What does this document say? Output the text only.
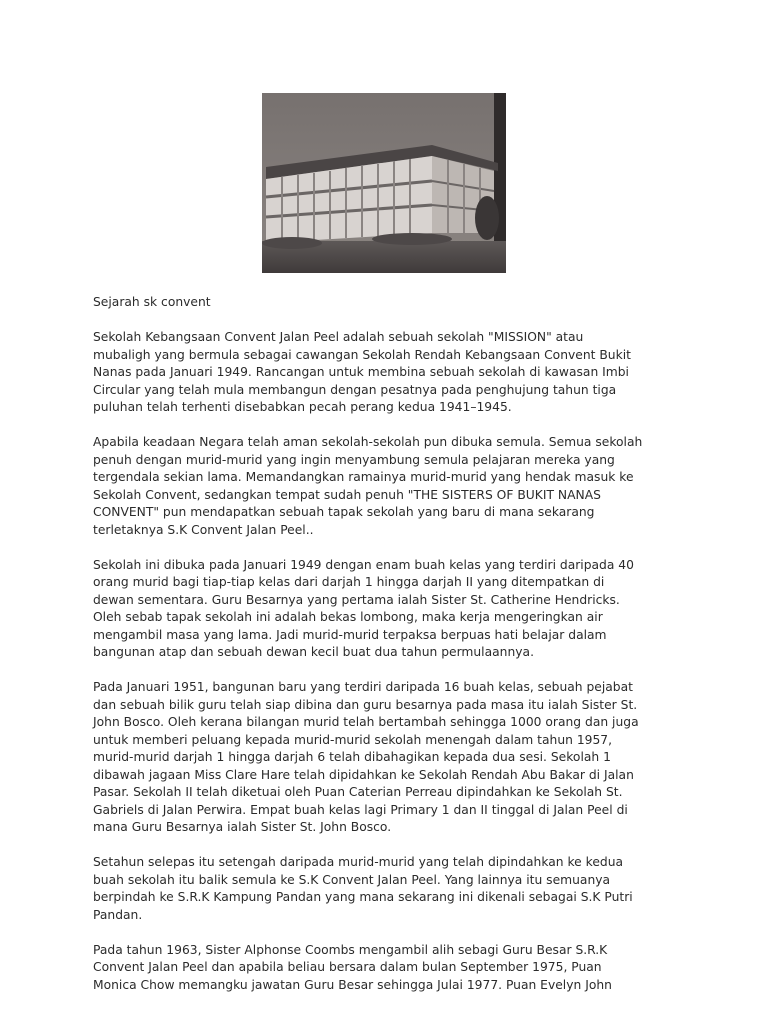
Sejarah sk convent
Sekolah Kebangsaan Convent Jalan Peel adalah sebuah sekolah "MISSION" atau
mubaligh yang bermula sebagai cawangan Sekolah Rendah Kebangsaan Convent Bukit
Nanas pada Januari 1949. Rancangan untuk membina sebuah sekolah di kawasan Imbi
Circular yang telah mula membangun dengan pesatnya pada penghujung tahun tiga
puluhan telah terhenti disebabkan pecah perang kedua 1941–1945.
Apabila keadaan Negara telah aman sekolah-sekolah pun dibuka semula. Semua sekolah
penuh dengan murid-murid yang ingin menyambung semula pelajaran mereka yang
tergendala sekian lama. Memandangkan ramainya murid-murid yang hendak masuk ke
Sekolah Convent, sedangkan tempat sudah penuh "THE SISTERS OF BUKIT NANAS
CONVENT" pun mendapatkan sebuah tapak sekolah yang baru di mana sekarang
terletaknya S.K Convent Jalan Peel..
Sekolah ini dibuka pada Januari 1949 dengan enam buah kelas yang terdiri daripada 40
orang murid bagi tiap-tiap kelas dari darjah 1 hingga darjah II yang ditempatkan di
dewan sementara. Guru Besarnya yang pertama ialah Sister St. Catherine Hendricks.
Oleh sebab tapak sekolah ini adalah bekas lombong, maka kerja mengeringkan air
mengambil masa yang lama. Jadi murid-murid terpaksa berpuas hati belajar dalam
bangunan atap dan sebuah dewan kecil buat dua tahun permulaannya.
Pada Januari 1951, bangunan baru yang terdiri daripada 16 buah kelas, sebuah pejabat
dan sebuah bilik guru telah siap dibina dan guru besarnya pada masa itu ialah Sister St.
John Bosco. Oleh kerana bilangan murid telah bertambah sehingga 1000 orang dan juga
untuk memberi peluang kepada murid-murid sekolah menengah dalam tahun 1957,
murid-murid darjah 1 hingga darjah 6 telah dibahagikan kepada dua sesi. Sekolah 1
dibawah jagaan Miss Clare Hare telah dipidahkan ke Sekolah Rendah Abu Bakar di Jalan
Pasar. Sekolah II telah diketuai oleh Puan Caterian Perreau dipindahkan ke Sekolah St.
Gabriels di Jalan Perwira. Empat buah kelas lagi Primary 1 dan II tinggal di Jalan Peel di
mana Guru Besarnya ialah Sister St. John Bosco.
Setahun selepas itu setengah daripada murid-murid yang telah dipindahkan ke kedua
buah sekolah itu balik semula ke S.K Convent Jalan Peel. Yang lainnya itu semuanya
berpindah ke S.R.K Kampung Pandan yang mana sekarang ini dikenali sebagai S.K Putri
Pandan.
Pada tahun 1963, Sister Alphonse Coombs mengambil alih sebagi Guru Besar S.R.K
Convent Jalan Peel dan apabila beliau bersara dalam bulan September 1975, Puan
Monica Chow memangku jawatan Guru Besar sehingga Julai 1977. Puan Evelyn John
